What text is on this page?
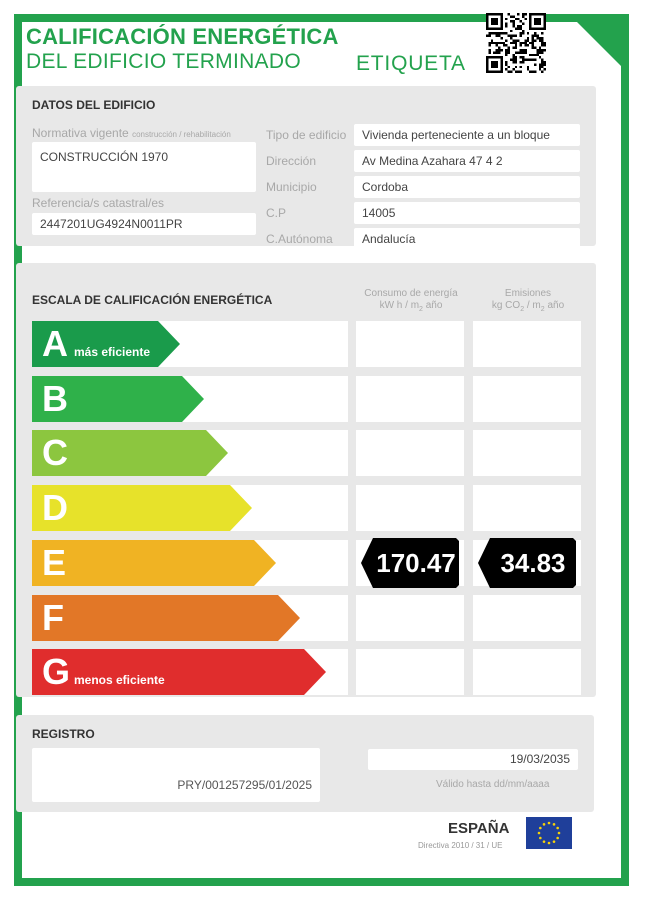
CALIFICACIÓN ENERGÉTICA
DEL EDIFICIO TERMINADO	ETIQUETA
DATOS DEL EDIFICIO
Normativa vigente construcción / rehabilitación
CONSTRUCCIÓN 1970
Referencia/s catastral/es
2447201UG4924N0011PR
Tipo de edificio	Vivienda perteneciente a un bloque
Dirección	Av Medina Azahara 47 4 2
Municipio	Cordoba
C.P	14005
C.Autónoma	Andalucía
ESCALA DE CALIFICACIÓN ENERGÉTICA	Consumo de energía
kW h / $m_2$ año
Emisiones
kg $CO_2 / m_2$ año
A más eficiente
B
C
D
E	170.47	34.83
F
G menos eficiente
REGISTRO
PRY/001257295/01/2025
19/03/2035
Válido hasta dd/mm/aaaa
ESPAÑA
Directiva 2010 / 31 / UE
